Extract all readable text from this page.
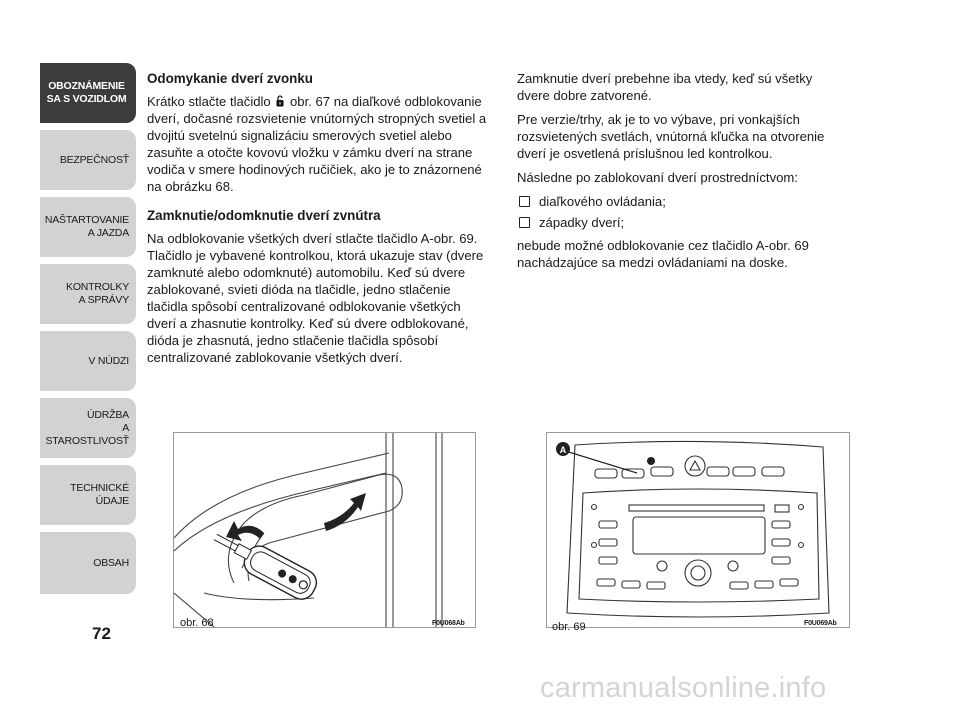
OBOZNÁMENIE
SA S VOZIDLOM
BEZPEČNOSŤ
NAŠTARTOVANIE
A JAZDA
KONTROLKY
A SPRÁVY
V NÚDZI
ÚDRŽBA
A STAROSTLIVOSŤ
TECHNICKÉ
ÚDAJE
OBSAH
72
Odomykanie dverí zvonku

Krátko stlačte tlačidlo  obr. 67 na diaľkové odblokovanie dverí, dočasné rozsvietenie vnútorných stropných svetiel a dvojitú svetelnú signalizáciu smerových svetiel alebo zasuňte a otočte kovovú vložku v zámku dverí na strane vodiča v smere hodinových ručičiek, ako je to znázornené na obrázku 68.

Zamknutie/odomknutie dverí zvnútra

Na odblokovanie všetkých dverí stlačte tlačidlo A-obr. 69. Tlačidlo je vybavené kontrolkou, ktorá ukazuje stav (dvere zamknuté alebo odomknuté) automobilu. Keď sú dvere zablokované, svieti dióda na tlačidle, jedno stlačenie tlačidla spôsobí centralizované odblokovanie všetkých dverí a zhasnutie kontrolky. Keď sú dvere odblokované, dióda je zhasnutá, jedno stlačenie tlačidla spôsobí centralizované zablokovanie všetkých dverí.

Zamknutie dverí prebehne iba vtedy, keď sú všetky dvere dobre zatvorené.

Pre verzie/trhy, ak je to vo výbave, pri vonkajších rozsvietených svetlách, vnútorná kľučka na otvorenie dverí je osvetlená príslušnou led kontrolkou.

Následne po zablokovaní dverí prostredníctvom:

diaľkového ovládania;
západky dverí;

nebude možné odblokovanie cez tlačidlo A-obr. 69 nachádzajúce sa medzi ovládaniami na doske.

obr. 68	F0U068Ab
A
obr. 69	F0U069Ab
carmanualsonline.info
